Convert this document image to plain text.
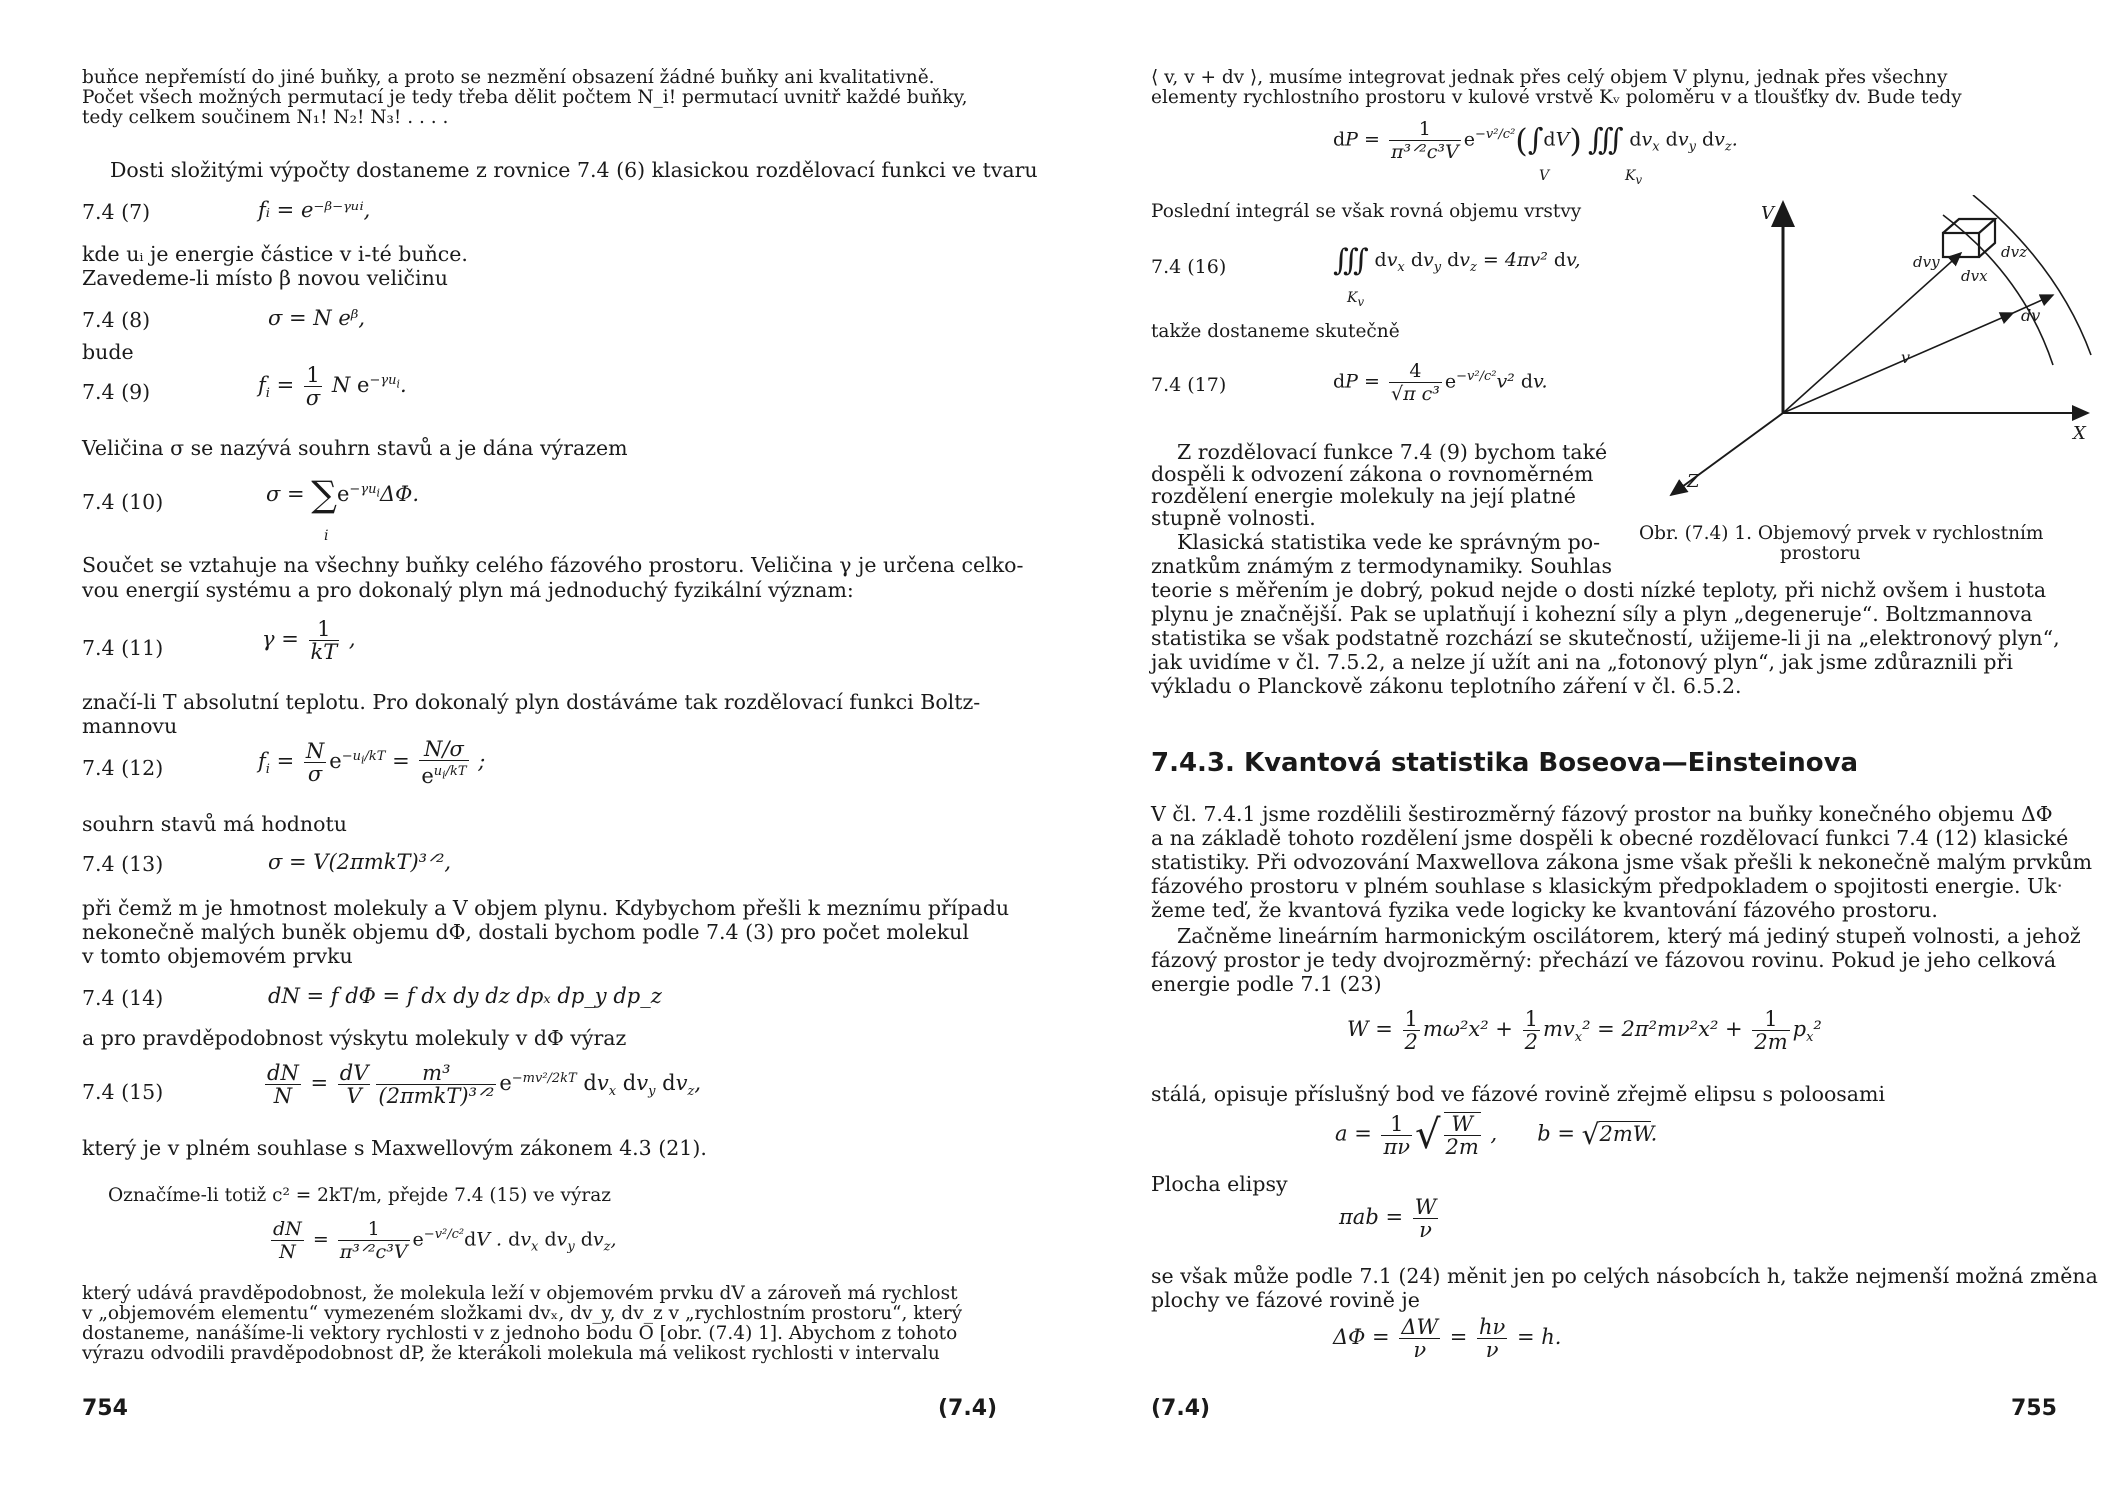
buňce nepřemístí do jiné buňky, a proto se nezmění obsazení žádné buňky ani kvalitativně.
Počet všech možných permutací je tedy třeba dělit počtem N_i! permutací uvnitř každé buňky,
tedy celkem součinem N₁! N₂! N₃! . . . .
Dosti složitými výpočty dostaneme z rovnice 7.4 (6) klasickou rozdělovací funkci ve tvaru
7.4 (7)	fᵢ = e⁻ᵝ⁻ᵞᵘⁱ,
kde uᵢ je energie částice v i-té buňce.
Zavedeme-li místo β novou veličinu
7.4 (8)	σ = N eᵝ,
bude
7.4 (9)	$f_i = \frac{1}{\sigma}$ N $e^{-\gamma u_i}$.
Veličina σ se nazývá souhrn stavů a je dána výrazem
7.4 (10)	$\sigma = \sum e^{-\gamma u_i}\Delta\Phi$.
i
Součet se vztahuje na všechny buňky celého fázového prostoru. Veličina γ je určena celko-
vou energií systému a pro dokonalý plyn má jednoduchý fyzikální význam:
7.4 (11)	$\gamma = \frac{1}{kT}$ ,
značí-li T absolutní teplotu. Pro dokonalý plyn dostáváme tak rozdělovací funkci Boltz-
mannovu
7.4 (12)	$f_i = \frac{N}{\sigma} e^{-u_i/kT} = \frac{N/\sigma}{e^{u_i/kT}}$ ;
souhrn stavů má hodnotu
7.4 (13)	σ = V(2πmkT)³ᐟ²,
při čemž m je hmotnost molekuly a V objem plynu. Kdybychom přešli k meznímu případu
nekonečně malých buněk objemu dΦ, dostali bychom podle 7.4 (3) pro počet molekul
v tomto objemovém prvku
7.4 (14)	dN = f dΦ = f dx dy dz dpₓ dp_y dp_z
a pro pravděpodobnost výskytu molekuly v dΦ výraz
7.4 (15)	$\frac{dN}{N} = \frac{dV}{V} \frac{\text{m³}}{\text{(2πmkT)³ᐟ²}} e^{-mv^2/2kT}$ $dv_x$ $dv_y$ $dv_z$,
který je v plném souhlase s Maxwellovým zákonem 4.3 (21).
Označíme-li totiž c² = 2kT/m, přejde 7.4 (15) ve výraz
$\frac{dN}{N} = \frac{1}{\text{π³ᐟ²c³V}} e^{-v^2/c^2}dV$ . $dv_x$ $dv_y$ $dv_z$,
který udává pravděpodobnost, že molekula leží v objemovém prvku dV a zároveň má rychlost
v „objemovém elementu“ vymezeném složkami dvₓ, dv_y, dv_z v „rychlostním prostoru“, který
dostaneme, nanášíme-li vektory rychlosti v z jednoho bodu O [obr. (7.4) 1]. Abychom z tohoto
výrazu odvodili pravděpodobnost dP, že kterákoli molekula má velikost rychlosti v intervalu
754	(7.4)
⟨ v, v + dv ⟩, musíme integrovat jednak přes celý objem V plynu, jednak přes všechny
elementy rychlostního prostoru v kulové vrstvě Kᵥ poloměru v a tloušťky dv. Bude tedy
dP = $\frac{1}{\text{π³ᐟ²c³V}} e^{-v^2/c^2}(\int dV)$ ∭ $dv_x$ $dv_y$ $dv_z$.
V	$K_v$
Poslední integrál se však rovná objemu vrstvy
7.4 (16)	∭ $dv_x$ $dv_y$ $dv_z = 4\pi v^2$ dv,
$K_v$
takže dostaneme skutečně
7.4 (17)	dP = $\frac{4}{\text{√π c³}} e^{-v^2/c^2}v^2$ dv.
Z rozdělovací funkce 7.4 (9) bychom také
dospěli k odvození zákona o rovnoměrném
rozdělení energie molekuly na její platné
stupně volnosti.
Klasická statistika vede ke správným po-
znatkům známým z termodynamiky. Souhlas
teorie s měřením je dobrý, pokud nejde o dosti nízké teploty, při nichž ovšem i hustota
plynu je značnější. Pak se uplatňují i kohezní síly a plyn „degeneruje“. Boltzmannova
statistika se však podstatně rozchází se skutečností, užijeme-li ji na „elektronový plyn“,
jak uvidíme v čl. 7.5.2, a nelze jí užít ani na „fotonový plyn“, jak jsme zdůraznili při
výkladu o Planckově zákonu teplotního záření v čl. 6.5.2.
V
X
Z
dvy
dvx
dvz
dv
v
Obr. (7.4) 1. Objemový prvek v rychlostním
prostoru
7.4.3. Kvantová statistika Boseova—Einsteinova
V čl. 7.4.1 jsme rozdělili šestirozměrný fázový prostor na buňky konečného objemu ΔΦ
a na základě tohoto rozdělení jsme dospěli k obecné rozdělovací funkci 7.4 (12) klasické
statistiky. Při odvozování Maxwellova zákona jsme však přešli k nekonečně malým prvkům
fázového prostoru v plném souhlase s klasickým předpokladem o spojitosti energie. Ukᐧ
žeme teď, že kvantová fyzika vede logicky ke kvantování fázového prostoru.
Začněme lineárním harmonickým oscilátorem, který má jediný stupeň volnosti, a jehož
fázový prostor je tedy dvojrozměrný: přechází ve fázovou rovinu. Pokud je jeho celková
energie podle 7.1 (23)
$W = \frac{1}{2} m\omega^2x^2 + \frac{1}{2} mv_x^2 = 2\pi^2m\nu^2x^2 + \frac{1}{2m} p_x^2$
stálá, opisuje příslušný bod ve fázové rovině zřejmě elipsu s poloosami
$a = \frac{1}{\pi\nu}$ √ $\frac{W}{2m}$ ,      b = √2mW.
Plocha elipsy
$\pi ab = \frac{W}{\nu}$
se však může podle 7.1 (24) měnit jen po celých násobcích h, takže nejmenší možná změna
plochy ve fázové rovině je
$\Delta\Phi = \frac{\Delta W}{\nu} = \frac{h\nu}{\nu} = h$.
(7.4)	755
